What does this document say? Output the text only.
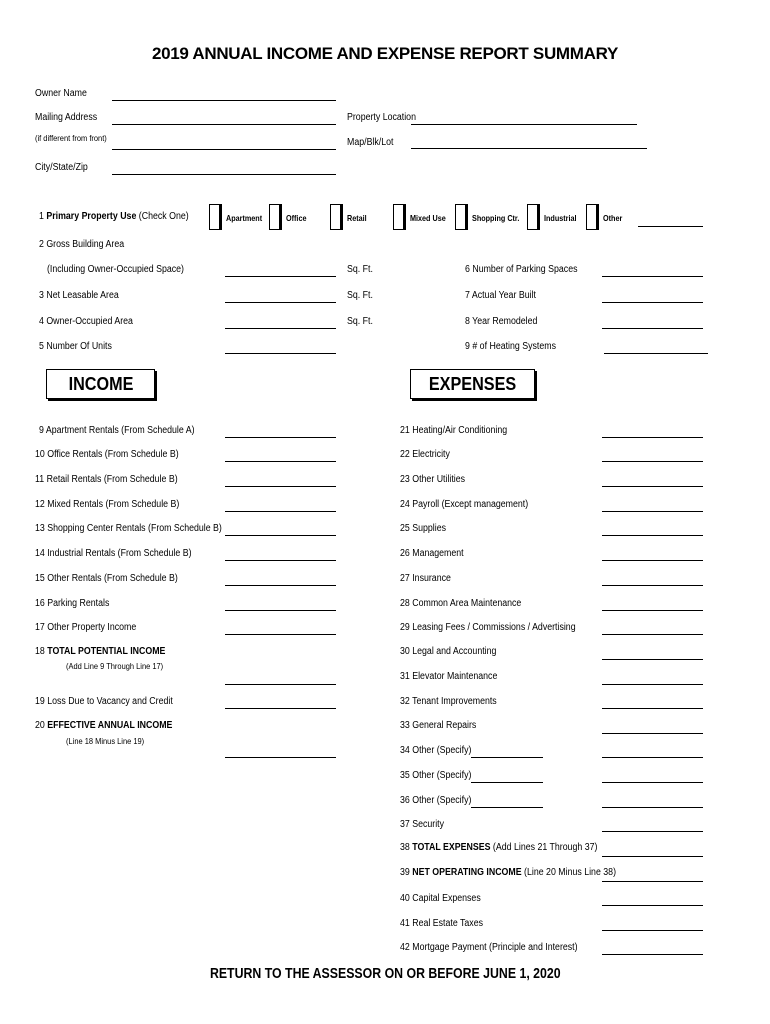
2019 ANNUAL INCOME AND EXPENSE REPORT SUMMARY
Owner Name
Mailing Address
(if different from front)
City/State/Zip
Property Location
Map/Blk/Lot
1 Primary Property Use (Check One)	Apartment	Office	Retail	Mixed Use	Shopping Ctr.	Industrial	Other
2 Gross Building Area
(Including Owner-Occupied Space)	Sq. Ft.
3 Net Leasable Area	Sq. Ft.
4 Owner-Occupied Area	Sq. Ft.
5 Number Of Units
6 Number of Parking Spaces
7 Actual Year Built
8 Year Remodeled
9 # of Heating Systems
INCOME	EXPENSES
9 Apartment Rentals (From Schedule A)
10 Office Rentals (From Schedule B)
11 Retail Rentals (From Schedule B)
12 Mixed Rentals (From Schedule B)
13 Shopping Center Rentals (From Schedule B)
14 Industrial Rentals (From Schedule B)
15 Other Rentals (From Schedule B)
16 Parking Rentals
17 Other Property Income
18 TOTAL POTENTIAL INCOME
(Add Line 9 Through Line 17)
19 Loss Due to Vacancy and Credit
20 EFFECTIVE ANNUAL INCOME
(Line 18 Minus Line 19)
21 Heating/Air Conditioning
22 Electricity
23 Other Utilities
24 Payroll (Except management)
25 Supplies
26 Management
27 Insurance
28 Common Area Maintenance
29 Leasing Fees / Commissions / Advertising
30 Legal and Accounting
31 Elevator Maintenance
32 Tenant Improvements
33 General Repairs
34 Other (Specify)
35 Other (Specify)
36 Other (Specify)
37 Security
38 TOTAL EXPENSES (Add Lines 21 Through 37)
39 NET OPERATING INCOME (Line 20 Minus Line 38)
40 Capital Expenses
41 Real Estate Taxes
42 Mortgage Payment (Principle and Interest)
RETURN TO THE ASSESSOR ON OR BEFORE JUNE 1, 2020
